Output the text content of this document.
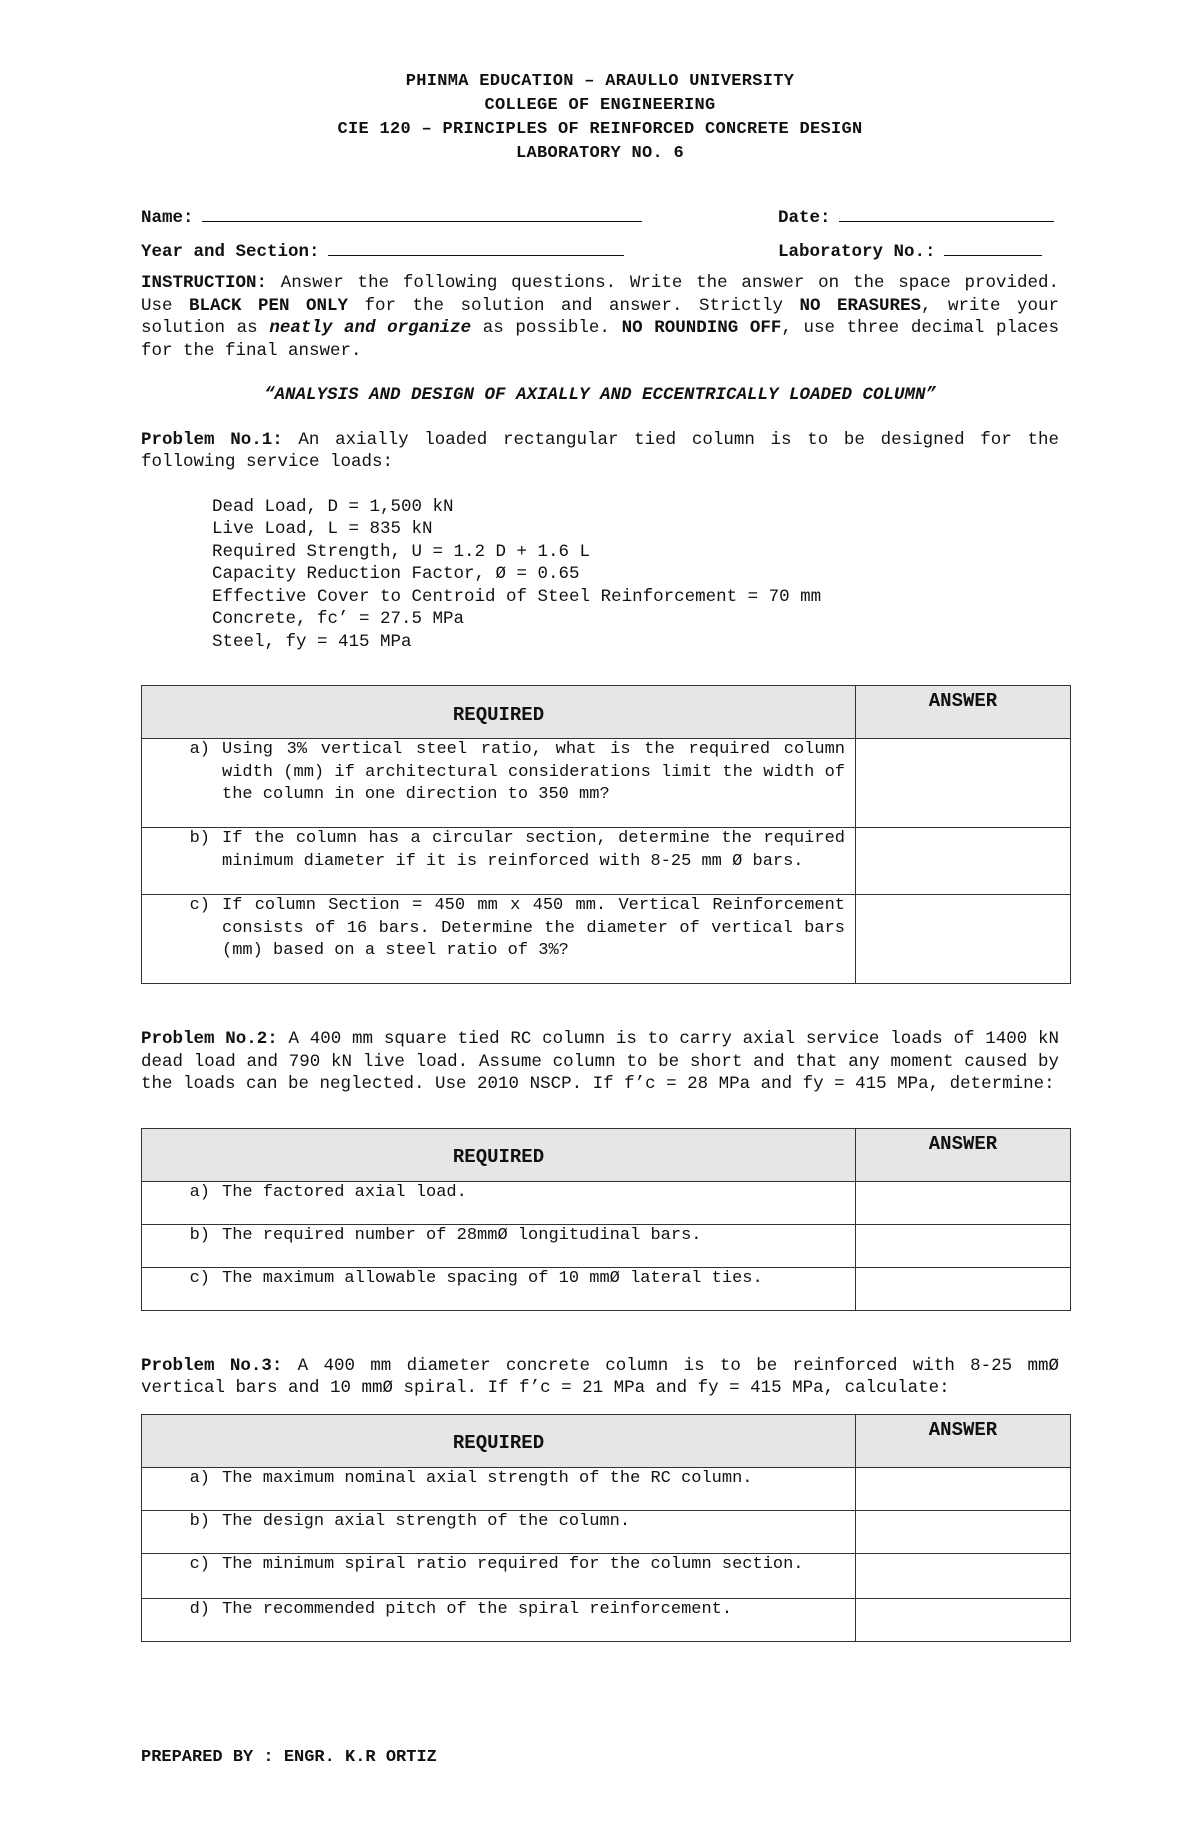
PHINMA EDUCATION – ARAULLO UNIVERSITY
COLLEGE OF ENGINEERING
CIE 120 – PRINCIPLES OF REINFORCED CONCRETE DESIGN
LABORATORY NO. 6
Name:	Date:
Year and Section:	Laboratory No.:
INSTRUCTION: Answer the following questions. Write the answer on the space provided. Use BLACK PEN ONLY for the solution and answer. Strictly NO ERASURES, write your solution as neatly and organize as possible. NO ROUNDING OFF, use three decimal places for the final answer.
“ANALYSIS AND DESIGN OF AXIALLY AND ECCENTRICALLY LOADED COLUMN”
Problem No.1: An axially loaded rectangular tied column is to be designed for the following service loads:
Dead Load, D = 1,500 kN
Live Load, L = 835 kN
Required Strength, U = 1.2 D + 1.6 L
Capacity Reduction Factor, Ø = 0.65
Effective Cover to Centroid of Steel Reinforcement = 70 mm
Concrete, fc’ = 27.5 MPa
Steel, fy = 415 MPa
REQUIRED	ANSWER

a) Using 3% vertical steel ratio, what is the required column width (mm) if architectural considerations limit the width of the column in one direction to 350 mm?	

b) If the column has a circular section, determine the required minimum diameter if it is reinforced with 8-25 mm Ø bars.	

c) If column Section = 450 mm x 450 mm. Vertical Reinforcement consists of 16 bars. Determine the diameter of vertical bars (mm) based on a steel ratio of 3%?	

Problem No.2: A 400 mm square tied RC column is to carry axial service loads of 1400 kN dead load and 790 kN live load. Assume column to be short and that any moment caused by the loads can be neglected. Use 2010 NSCP. If f’c = 28 MPa and fy = 415 MPa, determine:
REQUIRED	ANSWER

a) The factored axial load.	

b) The required number of 28mmØ longitudinal bars.	

c) The maximum allowable spacing of 10 mmØ lateral ties.	

Problem No.3: A 400 mm diameter concrete column is to be reinforced with 8-25 mmØ vertical bars and 10 mmØ spiral. If f’c = 21 MPa and fy = 415 MPa, calculate:
REQUIRED	ANSWER

a) The maximum nominal axial strength of the RC column.	

b) The design axial strength of the column.	

c) The minimum spiral ratio required for the column section.	

d) The recommended pitch of the spiral reinforcement.	

PREPARED BY : ENGR. K.R ORTIZ
